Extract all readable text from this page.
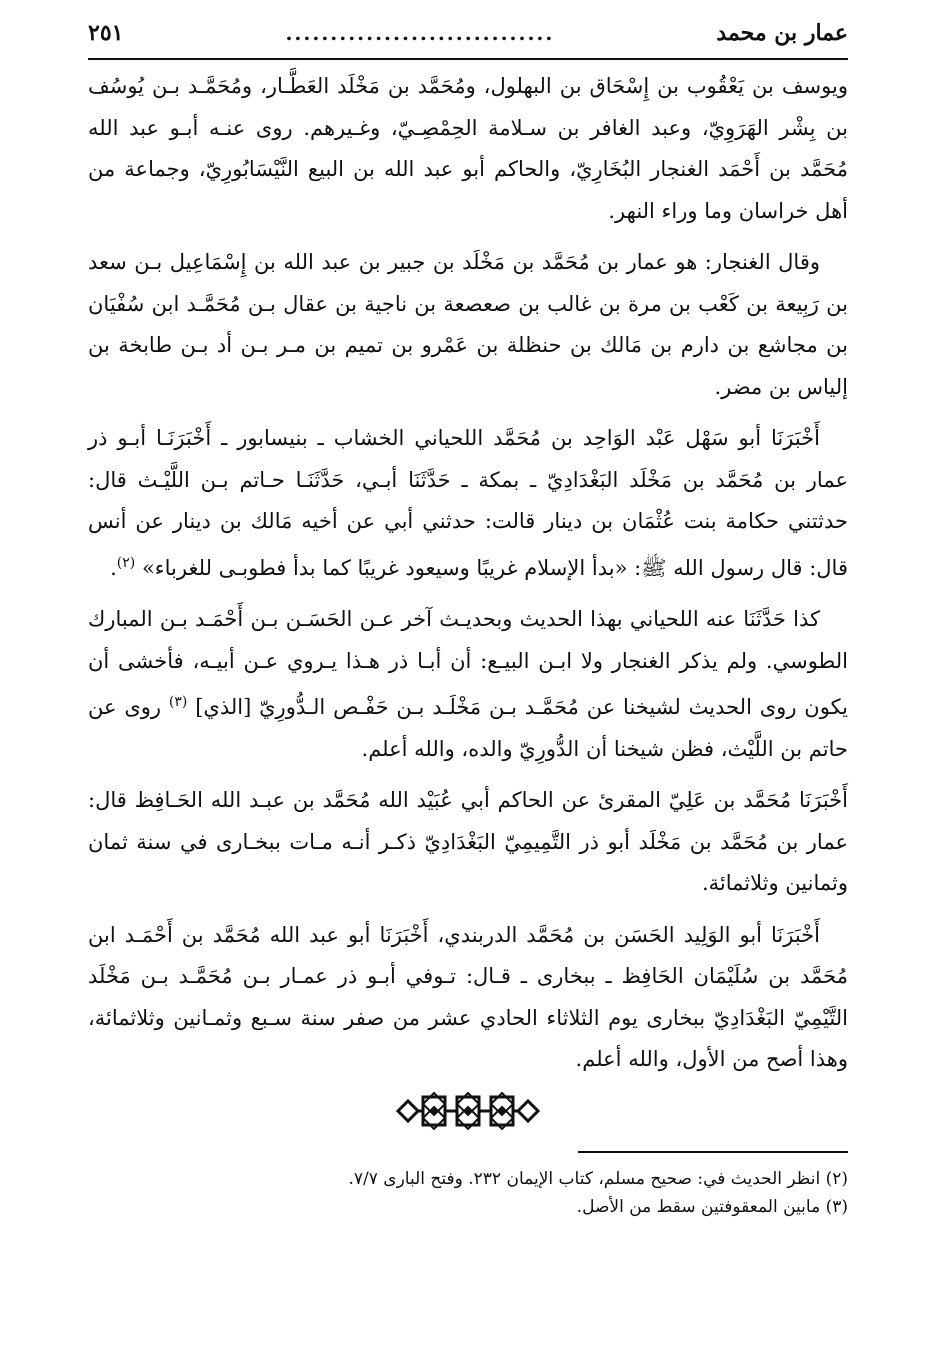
عمار بن محمد
..............................
٢٥١

ويوسف بن يَعْقُوب بن إِسْحَاق بن البهلول، ومُحَمَّد بن مَخْلَد العَطَّـار، ومُحَمَّـد بـن يُوسُف بن بِشْر الهَرَوِيّ، وعبد الغافر بن سـلامة الحِمْصِـيّ، وغـيرهم. روى عنـه أبـو عبد الله مُحَمَّد بن أَحْمَد الغنجار البُخَارِيّ، والحاكم أبو عبد الله بن البيع النَّيْسَابُورِيّ، وجماعة من أهل خراسان وما وراء النهر.

وقال الغنجار: هو عمار بن مُحَمَّد بن مَخْلَد بن جبير بن عبد الله بن إِسْمَاعِيل بـن سعد بن رَبِيعة بن كَعْب بن مرة بن غالب بن صعصعة بن ناجية بن عقال بـن مُحَمَّـد ابن سُفْيَان بن مجاشع بن دارم بن مَالك بن حنظلة بن عَمْرو بن تميم بن مـر بـن أد بـن طابخة بن إلياس بن مضر.

أَخْبَرَنَا أبو سَهْل عَبْد الوَاحِد بن مُحَمَّد اللحياني الخشاب ـ بنيسابور ـ أَخْبَرَنَـا أبـو ذر عمار بن مُحَمَّد بن مَخْلَد البَغْدَادِيّ ـ بمكة ـ حَدَّثَنَا أبـي، حَدَّثَنَـا حـاتم بـن اللَّيْـث قال: حدثتني حكامة بنت عُثْمَان بن دينار قالت: حدثني أبي عن أخيه مَالك بن دينار عن أنس قال: قال رسول الله ﷺ: «بدأ الإسلام غريبًا وسيعود غريبًا كما بدأ فطوبـى للغرباء» $^{(٢)}$.

كذا حَدَّثَنَا عنه اللحياني بهذا الحديث وبحديـث آخر عـن الحَسَـن بـن أَحْمَـد بـن المبارك الطوسي. ولم يذكر الغنجار ولا ابـن البيـع: أن أبـا ذر هـذا يـروي عـن أبيـه، فأخشى أن يكون روى الحديث لشيخنا عن مُحَمَّـد بـن مَخْلَـد بـن حَفْـص الـدُّورِيّ [الذي] $^{(٣)}$ روى عن حاتم بن اللَّيْث، فظن شيخنا أن الدُّورِيّ والده، والله أعلم.

أَخْبَرَنَا مُحَمَّد بن عَلِيّ المقرئ عن الحاكم أبي عُبَيْد الله مُحَمَّد بن عبـد الله الحَـافِظ قال: عمار بن مُحَمَّد بن مَخْلَد أبو ذر التَّمِيمِيّ البَغْدَادِيّ ذكـر أنـه مـات ببخـارى في سنة ثمان وثمانين وثلاثمائة.

أَخْبَرَنَا أبو الوَلِيد الحَسَن بن مُحَمَّد الدربندي، أَخْبَرَنَا أبو عبد الله مُحَمَّد بن أَحْمَـد ابن مُحَمَّد بن سُلَيْمَان الحَافِظ ـ ببخارى ـ قـال: تـوفي أبـو ذر عمـار بـن مُحَمَّـد بـن مَخْلَد التَّيْمِيّ البَغْدَادِيّ ببخارى يوم الثلاثاء الحادي عشر من صفر سنة سـبع وثمـانين وثلاثمائة، وهذا أصح من الأول، والله أعلم.

(٢) انظر الحديث في: صحيح مسلم، كتاب الإيمان ٢٣٢. وفتح البارى ٧/٧.

(٣) مابين المعقوفتين سقط من الأصل.
